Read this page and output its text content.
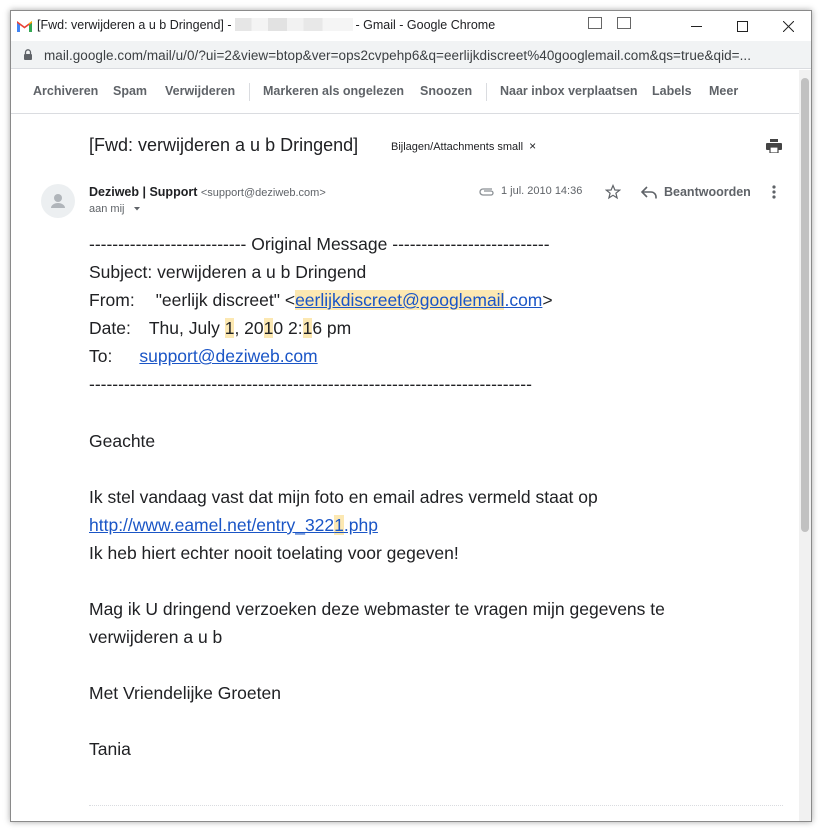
[Fwd: verwijderen a u b Dringend] -	- Gmail - Google Chrome
mail.google.com/mail/u/0/?ui=2&view=btop&ver=ops2cvpehp6&q=eerlijkdiscreet%40googlemail.com&qs=true&qid=...
Archiveren Spam Verwijderen Markeren als ongelezen Snoozen Naar inbox verplaatsen Labels Meer
[Fwd: verwijderen a u b Dringend]	Bijlagen/Attachments small ×
Deziweb | Support <support@deziweb.com>
aan mij
1 jul. 2010 14:36	Beantwoorden
--------------------------- Original Message ---------------------------
Subject: verwijderen a u b Dringend
From: "eerlijk discreet" <eerlijkdiscreet@googlemail.com>
Date: Thu, July 1, 2010 2:16 pm
To: support@deziweb.com
----------------------------------------------------------------------------
Geachte
Ik stel vandaag vast dat mijn foto en email adres vermeld staat op
http://www.eamel.net/entry_3221.php
Ik heb hiert echter nooit toelating voor gegeven!
Mag ik U dringend verzoeken deze webmaster te vragen mijn gegevens te
verwijderen a u b
Met Vriendelijke Groeten
Tania
